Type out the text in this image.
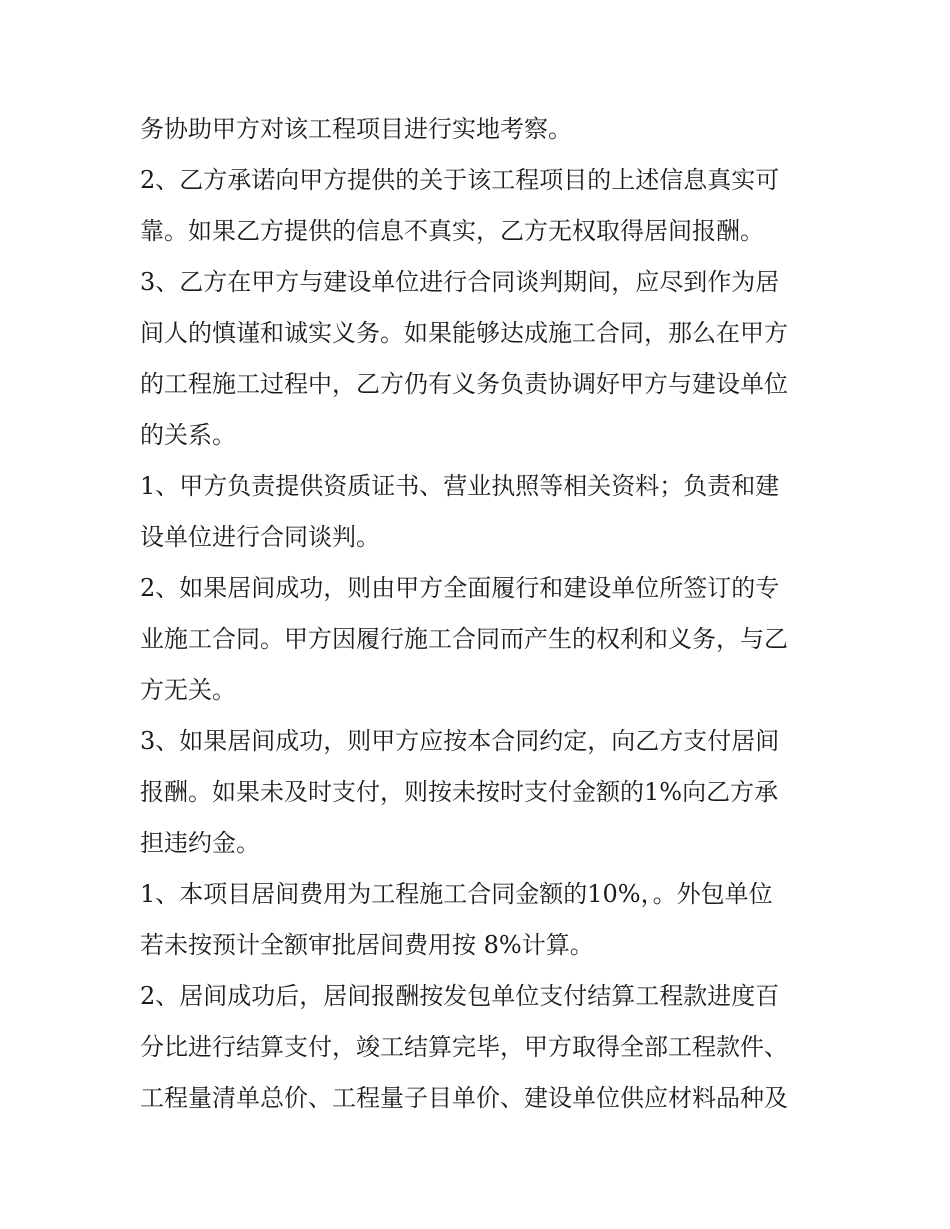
务协助甲方对该工程项目进行实地考察。

2、乙方承诺向甲方提供的关于该工程项目的上述信息真实可
靠。如果乙方提供的信息不真实，乙方无权取得居间报酬。

3、乙方在甲方与建设单位进行合同谈判期间，应尽到作为居
间人的慎谨和诚实义务。如果能够达成施工合同，那么在甲方
的工程施工过程中，乙方仍有义务负责协调好甲方与建设单位
的关系。

1、甲方负责提供资质证书、营业执照等相关资料；负责和建
设单位进行合同谈判。

2、如果居间成功，则由甲方全面履行和建设单位所签订的专
业施工合同。甲方因履行施工合同而产生的权利和义务，与乙
方无关。

3、如果居间成功，则甲方应按本合同约定，向乙方支付居间
报酬。如果未及时支付，则按未按时支付金额的1%向乙方承
担违约金。

1、本项目居间费用为工程施工合同金额的10%，。外包单位
若未按预计全额审批居间费用按 8%计算。

2、居间成功后，居间报酬按发包单位支付结算工程款进度百
分比进行结算支付，竣工结算完毕，甲方取得全部工程款件、
工程量清单总价、工程量子目单价、建设单位供应材料品种及
